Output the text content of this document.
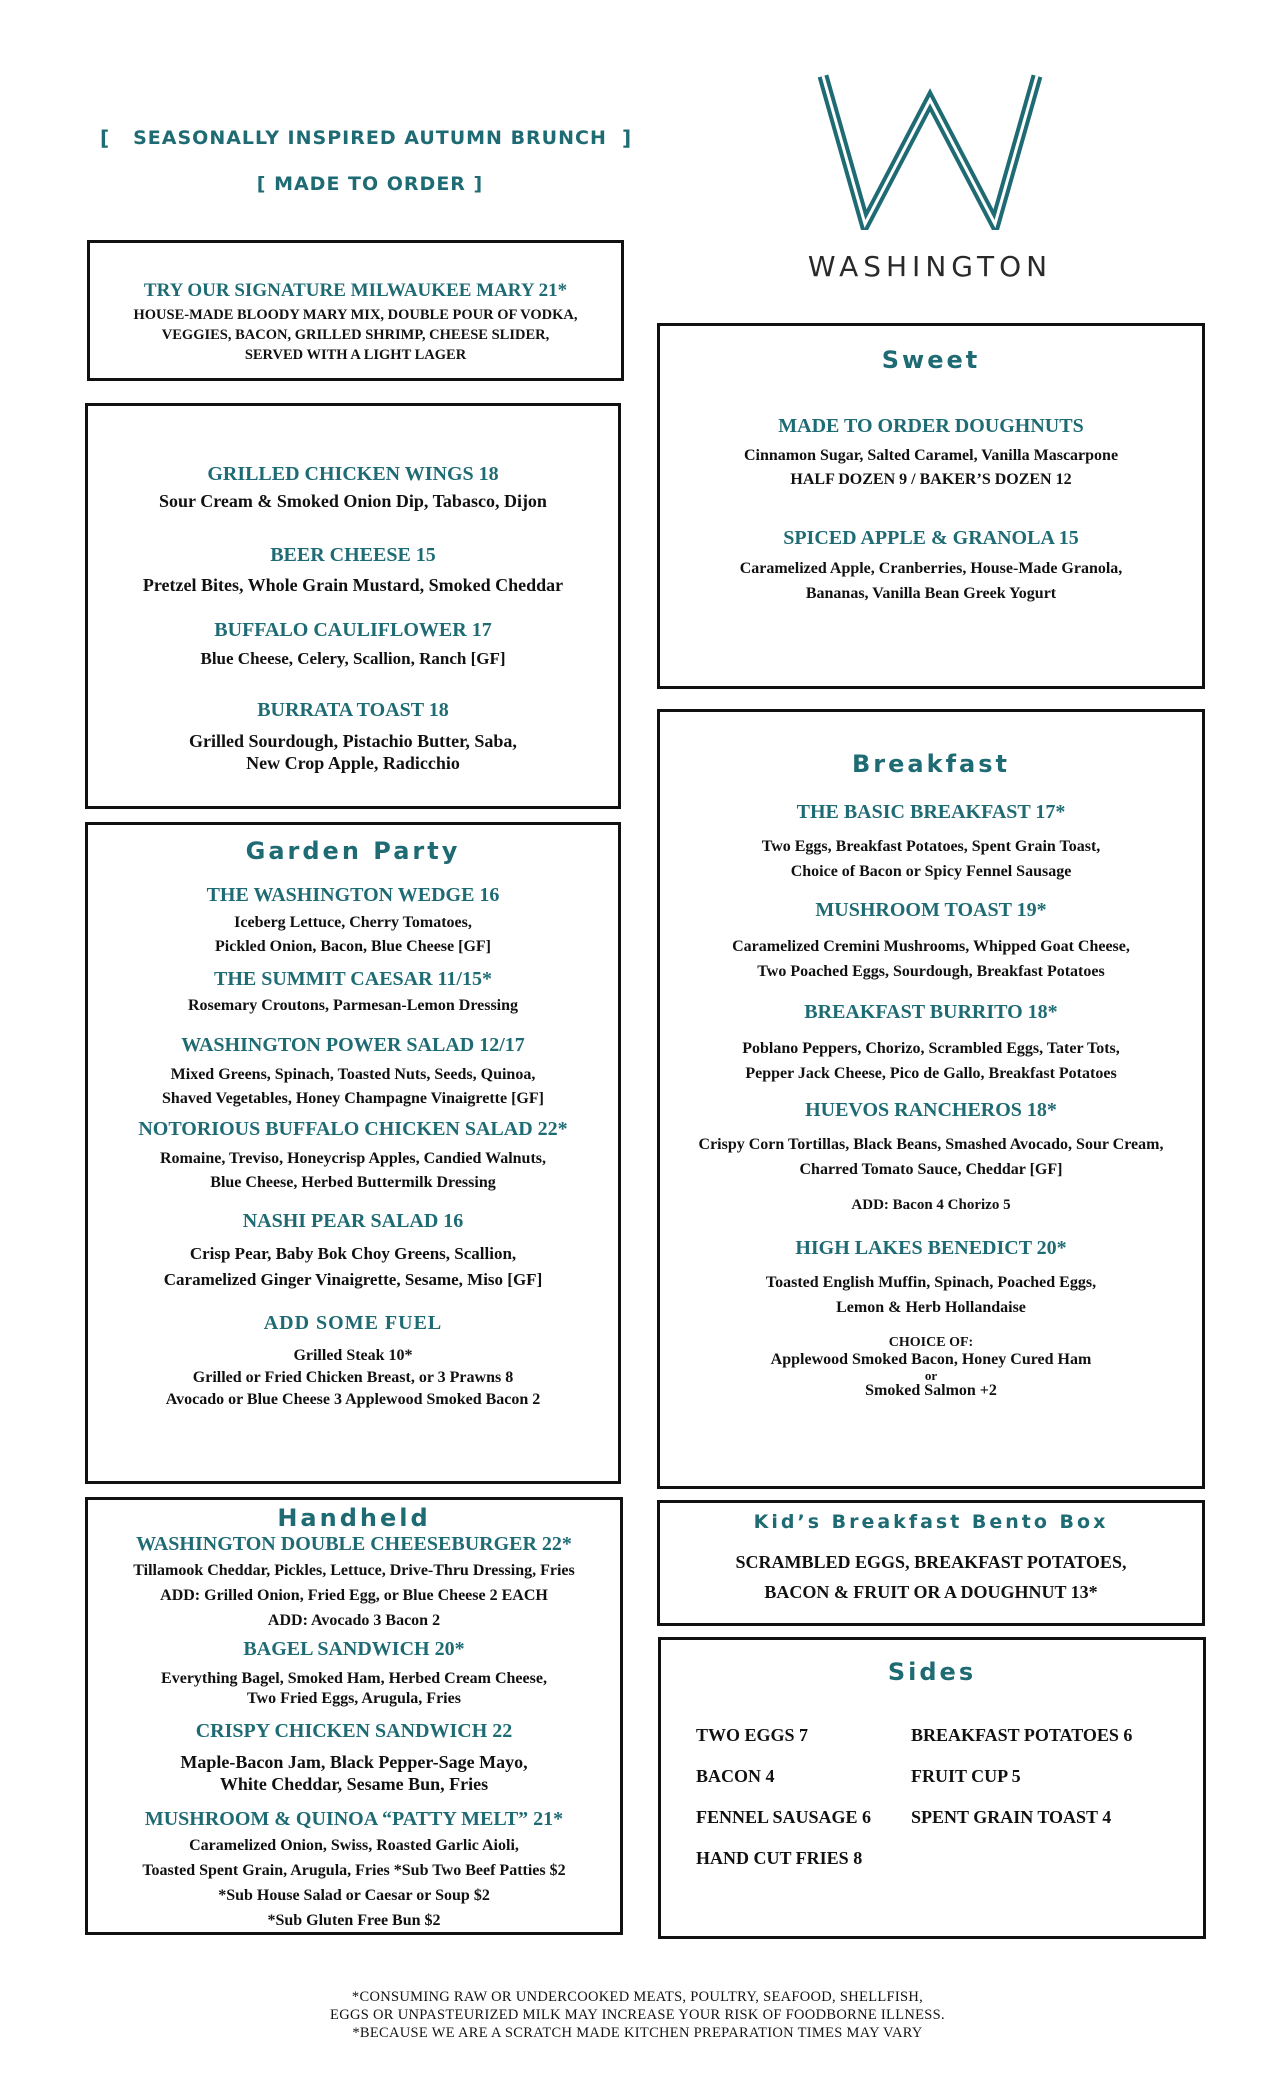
[	SEASONALLY INSPIRED AUTUMN BRUNCH ]
[ MADE TO ORDER ]
WASHINGTON
TRY OUR SIGNATURE MILWAUKEE MARY 21*
HOUSE-MADE BLOODY MARY MIX, DOUBLE POUR OF VODKA,
VEGGIES, BACON, GRILLED SHRIMP, CHEESE SLIDER,
SERVED WITH A LIGHT LAGER
GRILLED CHICKEN WINGS 18
Sour Cream & Smoked Onion Dip, Tabasco, Dijon
BEER CHEESE 15
Pretzel Bites, Whole Grain Mustard, Smoked Cheddar
BUFFALO CAULIFLOWER 17
Blue Cheese, Celery, Scallion, Ranch [GF]
BURRATA TOAST 18
Grilled Sourdough, Pistachio Butter, Saba,
New Crop Apple, Radicchio
Garden Party
THE WASHINGTON WEDGE 16
Iceberg Lettuce, Cherry Tomatoes,
Pickled Onion, Bacon, Blue Cheese [GF]
THE SUMMIT CAESAR 11/15*
Rosemary Croutons, Parmesan-Lemon Dressing
WASHINGTON POWER SALAD 12/17
Mixed Greens, Spinach, Toasted Nuts, Seeds, Quinoa,
Shaved Vegetables, Honey Champagne Vinaigrette [GF]
NOTORIOUS BUFFALO CHICKEN SALAD 22*
Romaine, Treviso, Honeycrisp Apples, Candied Walnuts,
Blue Cheese, Herbed Buttermilk Dressing
NASHI PEAR SALAD 16
Crisp Pear, Baby Bok Choy Greens, Scallion,
Caramelized Ginger Vinaigrette, Sesame, Miso [GF]
ADD SOME FUEL
Grilled Steak 10*
Grilled or Fried Chicken Breast, or 3 Prawns 8
Avocado or Blue Cheese 3 Applewood Smoked Bacon 2
Handheld
WASHINGTON DOUBLE CHEESEBURGER 22*
Tillamook Cheddar, Pickles, Lettuce, Drive-Thru Dressing, Fries
ADD: Grilled Onion, Fried Egg, or Blue Cheese 2 EACH
ADD: Avocado 3 Bacon 2
BAGEL SANDWICH 20*
Everything Bagel, Smoked Ham, Herbed Cream Cheese,
Two Fried Eggs, Arugula, Fries
CRISPY CHICKEN SANDWICH 22
Maple-Bacon Jam, Black Pepper-Sage Mayo,
White Cheddar, Sesame Bun, Fries
MUSHROOM & QUINOA “PATTY MELT” 21*
Caramelized Onion, Swiss, Roasted Garlic Aioli,
Toasted Spent Grain, Arugula, Fries *Sub Two Beef Patties $2
*Sub House Salad or Caesar or Soup $2
*Sub Gluten Free Bun $2
Sweet
MADE TO ORDER DOUGHNUTS
Cinnamon Sugar, Salted Caramel, Vanilla Mascarpone
HALF DOZEN 9 / BAKER’S DOZEN 12
SPICED APPLE & GRANOLA 15
Caramelized Apple, Cranberries, House-Made Granola,
Bananas, Vanilla Bean Greek Yogurt
Breakfast
THE BASIC BREAKFAST 17*
Two Eggs, Breakfast Potatoes, Spent Grain Toast,
Choice of Bacon or Spicy Fennel Sausage
MUSHROOM TOAST 19*
Caramelized Cremini Mushrooms, Whipped Goat Cheese,
Two Poached Eggs, Sourdough, Breakfast Potatoes
BREAKFAST BURRITO 18*
Poblano Peppers, Chorizo, Scrambled Eggs, Tater Tots,
Pepper Jack Cheese, Pico de Gallo, Breakfast Potatoes
HUEVOS RANCHEROS 18*
Crispy Corn Tortillas, Black Beans, Smashed Avocado, Sour Cream,
Charred Tomato Sauce, Cheddar [GF]
ADD: Bacon 4 Chorizo 5
HIGH LAKES BENEDICT 20*
Toasted English Muffin, Spinach, Poached Eggs,
Lemon & Herb Hollandaise
CHOICE OF:
Applewood Smoked Bacon, Honey Cured Ham
or
Smoked Salmon +2
Kid’s Breakfast Bento Box
SCRAMBLED EGGS, BREAKFAST POTATOES,
BACON & FRUIT OR A DOUGHNUT 13*
Sides
TWO EGGS 7	BREAKFAST POTATOES 6
BACON 4	FRUIT CUP 5
FENNEL SAUSAGE 6	SPENT GRAIN TOAST 4
HAND CUT FRIES 8
*CONSUMING RAW OR UNDERCOOKED MEATS, POULTRY, SEAFOOD, SHELLFISH,
EGGS OR UNPASTEURIZED MILK MAY INCREASE YOUR RISK OF FOODBORNE ILLNESS.
*BECAUSE WE ARE A SCRATCH MADE KITCHEN PREPARATION TIMES MAY VARY
